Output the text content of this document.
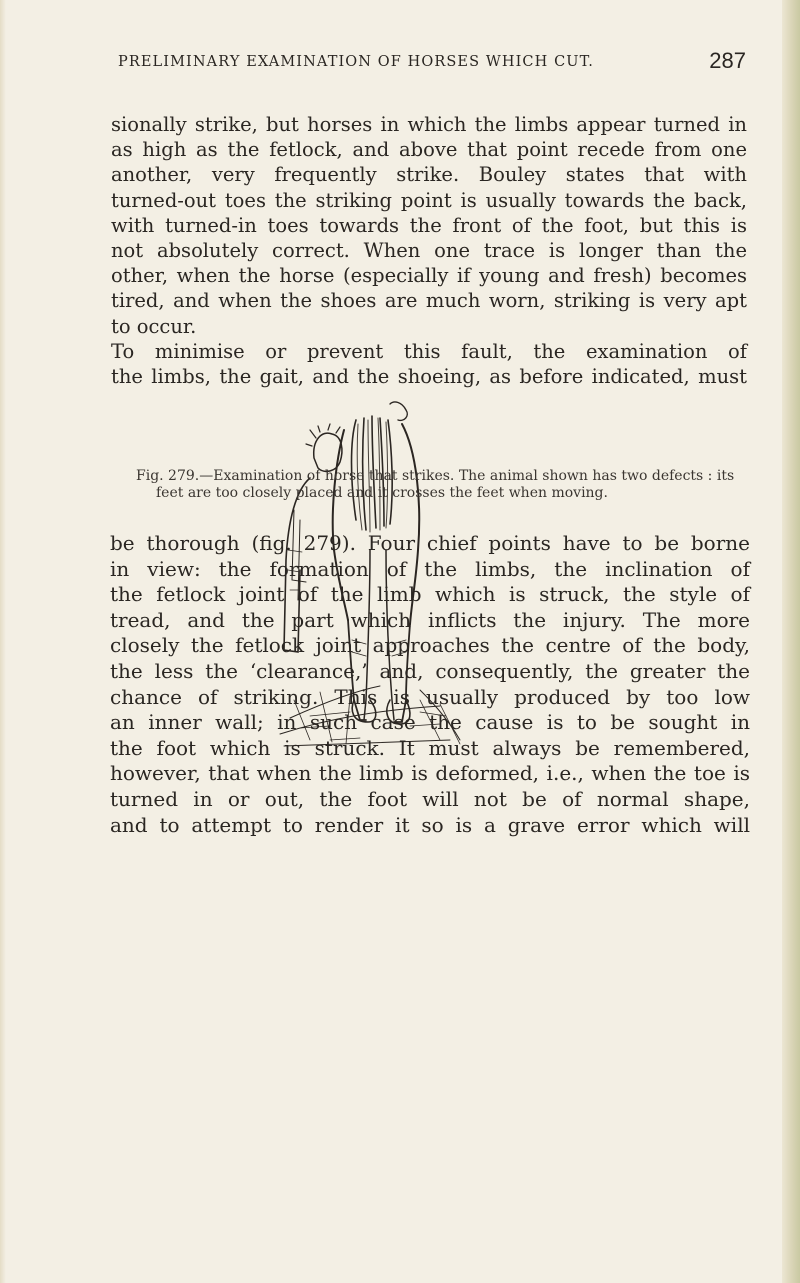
PRELIMINARY EXAMINATION OF HORSES WHICH CUT.	287
sionally strike, but horses in which the limbs appear turned in
as high as the fetlock, and above that point recede from one
another, very frequently strike. Bouley states that with
turned-out toes the striking point is usually towards the back,
with turned-in toes towards the front of the foot, but this is
not absolutely correct. When one trace is longer than the
other, when the horse (especially if young and fresh) becomes
tired, and when the shoes are much worn, striking is very apt
to occur.
To minimise or prevent this fault, the examination of
the limbs, the gait, and the shoeing, as before indicated, must
Fig. 279.—Examination of horse that strikes. The animal shown has two defects : its
feet are too closely placed and it crosses the feet when moving.
be thorough (fig. 279). Four chief points have to be borne
in view: the formation of the limbs, the inclination of
the fetlock joint of the limb which is struck, the style of
tread, and the part which inflicts the injury. The more
closely the fetlock joint approaches the centre of the body,
the less the ‘clearance,’ and, consequently, the greater the
chance of striking. This is usually produced by too low
an inner wall; in such case the cause is to be sought in
the foot which is struck. It must always be remembered,
however, that when the limb is deformed, i.e., when the toe is
turned in or out, the foot will not be of normal shape,
and to attempt to render it so is a grave error which will
